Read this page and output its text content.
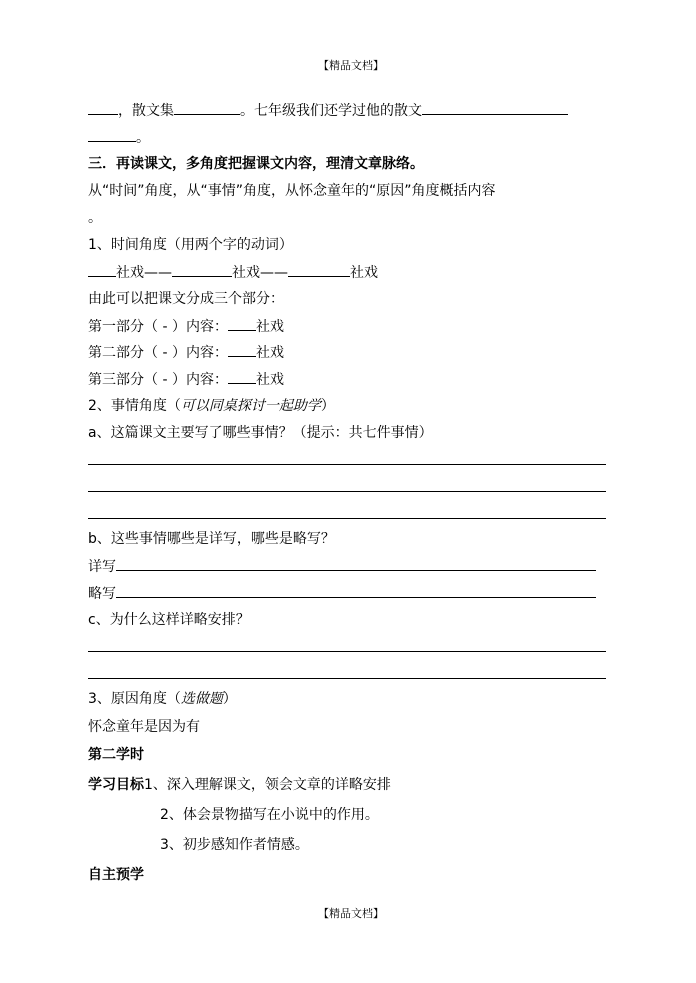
【精品文档】
，散文集	。七年级我们还学过他的散文
。
三．再读课文，多角度把握课文内容，理清文章脉络。
从“时间”角度，从“事情”角度，从怀念童年的“原因”角度概括内容
。
1、时间角度（用两个字的动词）
社戏——	社戏——	社戏
由此可以把课文分成三个部分：
第一部分（ - ）内容： 社戏
第二部分（ - ）内容： 社戏
第三部分（ - ）内容： 社戏
2、事情角度（可以同桌探讨一起助学）
a、这篇课文主要写了哪些事情？（提示：共七件事情）
b、这些事情哪些是详写，哪些是略写？
详写
略写
c、为什么这样详略安排？
3、原因角度（选做题）
怀念童年是因为有
第二学时
学习目标1、深入理解课文，领会文章的详略安排
2、体会景物描写在小说中的作用。
3、初步感知作者情感。
自主预学
【精品文档】
